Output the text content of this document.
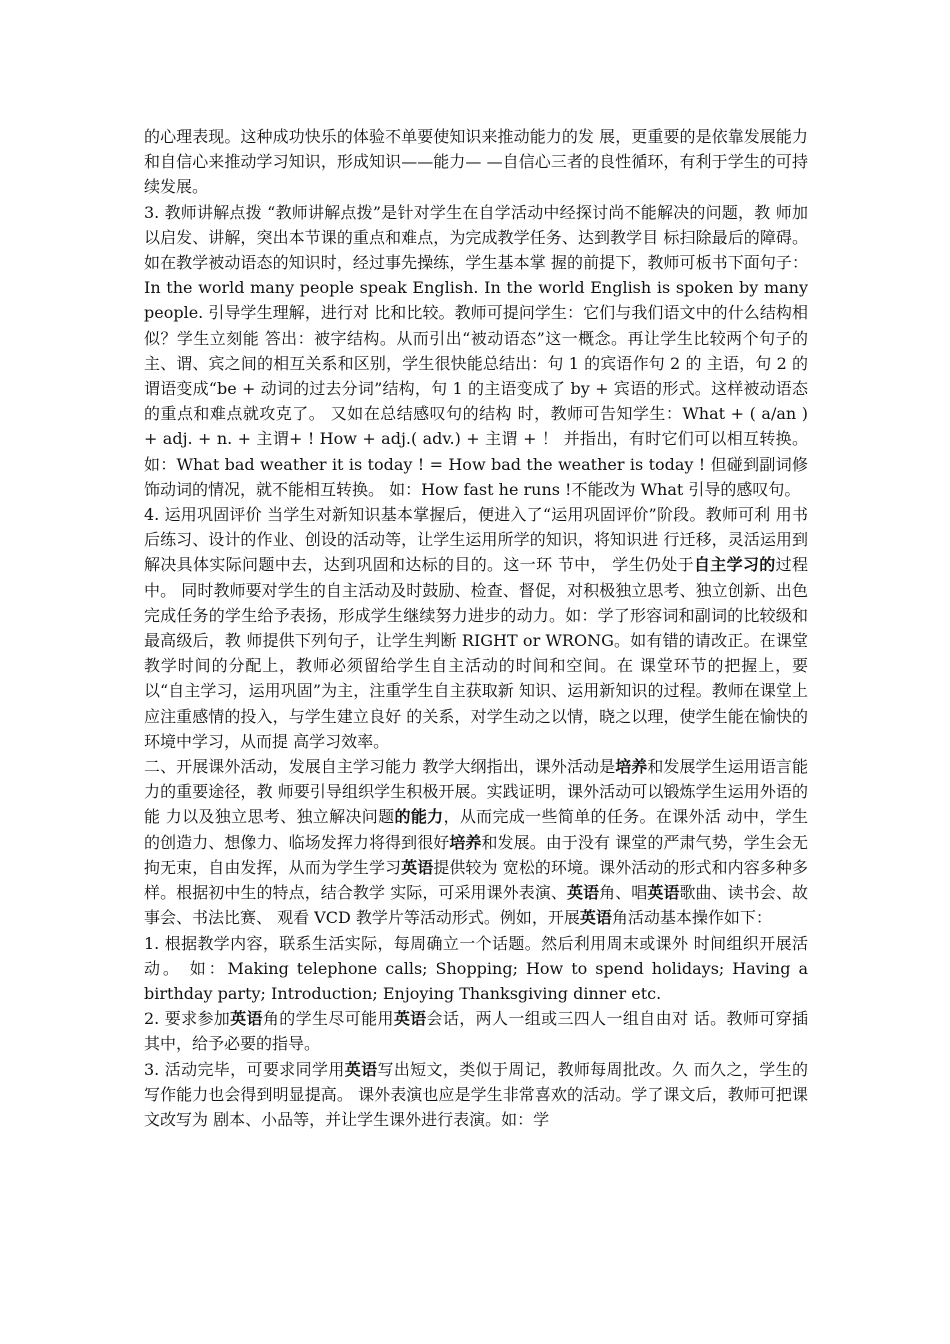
的心理表现。这种成功快乐的体验不单要使知识来推动能力的发 展，更重要的是依靠发展能力和自信心来推动学习知识，形成知识——能力— —自信心三者的良性循环，有利于学生的可持续发展。

3. 教师讲解点拨 “教师讲解点拨”是针对学生在自学活动中经探讨尚不能解决的问题，教 师加以启发、讲解，突出本节课的重点和难点，为完成教学任务、达到教学目 标扫除最后的障碍。如在教学被动语态的知识时，经过事先操练，学生基本掌 握的前提下，教师可板书下面句子：In the world many people speak English. In the world English is spoken by many people. 引导学生理解，进行对 比和比较。教师可提问学生：它们与我们语文中的什么结构相似？学生立刻能 答出：被字结构。从而引出“被动语态”这一概念。再让学生比较两个句子的 主、谓、宾之间的相互关系和区别，学生很快能总结出：句 1 的宾语作句 2 的 主语，句 2 的谓语变成“be + 动词的过去分词”结构，句 1 的主语变成了 by + 宾语的形式。这样被动语态的重点和难点就攻克了。 又如在总结感叹句的结构 时，教师可告知学生：What + ( a/an ) + adj. + n. + 主谓+ ! How + adj.( adv.) + 主谓 + ！ 并指出，有时它们可以相互转换。如：What bad weather it is today ! = How bad the weather is today ! 但碰到副词修饰动词的情况，就不能相互转换。 如：How fast he runs !不能改为 What 引导的感叹句。

4. 运用巩固评价 当学生对新知识基本掌握后，便进入了“运用巩固评价”阶段。教师可利 用书后练习、设计的作业、创设的活动等，让学生运用所学的知识，将知识进 行迁移，灵活运用到解决具体实际问题中去，达到巩固和达标的目的。这一环 节中， 学生仍处于自主学习的过程中。 同时教师要对学生的自主活动及时鼓励、检查、督促，对积极独立思考、独立创新、出色完成任务的学生给予表扬，形成学生继续努力进步的动力。如：学了形容词和副词的比较级和最高级后，教 师提供下列句子，让学生判断 RIGHT or WRONG。如有错的请改正。在课堂教学时间的分配上，教师必须留给学生自主活动的时间和空间。在 课堂环节的把握上，要以“自主学习，运用巩固”为主，注重学生自主获取新 知识、运用新知识的过程。教师在课堂上应注重感情的投入，与学生建立良好 的关系，对学生动之以情，晓之以理，使学生能在愉快的环境中学习，从而提 高学习效率。

二、开展课外活动，发展自主学习能力 教学大纲指出，课外活动是培养和发展学生运用语言能力的重要途径，教 师要引导组织学生积极开展。实践证明，课外活动可以锻炼学生运用外语的能 力以及独立思考、独立解决问题的能力，从而完成一些简单的任务。在课外活 动中，学生的创造力、想像力、临场发挥力将得到很好培养和发展。由于没有 课堂的严肃气势，学生会无拘无束，自由发挥，从而为学生学习英语提供较为 宽松的环境。课外活动的形式和内容多种多样。根据初中生的特点，结合教学 实际，可采用课外表演、英语角、唱英语歌曲、读书会、故事会、书法比赛、 观看 VCD 教学片等活动形式。例如，开展英语角活动基本操作如下：

1. 根据教学内容，联系生活实际，每周确立一个话题。然后利用周末或课外 时间组织开展活动。 如：Making telephone calls; Shopping; How to spend holidays; Having a birthday party; Introduction; Enjoying Thanksgiving dinner etc.

2. 要求参加英语角的学生尽可能用英语会话，两人一组或三四人一组自由对 话。教师可穿插其中，给予必要的指导。

3. 活动完毕，可要求同学用英语写出短文，类似于周记，教师每周批改。久 而久之，学生的写作能力也会得到明显提高。 课外表演也应是学生非常喜欢的活动。学了课文后，教师可把课文改写为 剧本、小品等，并让学生课外进行表演。如：学
